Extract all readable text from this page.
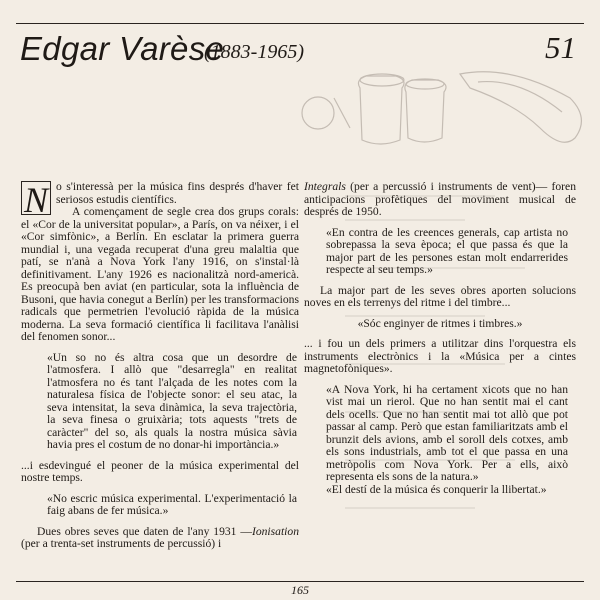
Edgar Varèse
(1883-1965)	51

N o s'interessà per la música fins després d'haver fet seriosos estudis científics.

A començament de segle crea dos grups corals: el «Cor de la universitat popular», a París, on va néixer, i el «Cor simfònic», a Berlín. En esclatar la primera guerra mundial i, una vegada recuperat d'una greu malaltia que patí, se n'anà a Nova York l'any 1916, on s'instal·là definitivament. L'any 1926 es nacionalitzà nord-americà. Es preocupà ben aviat (en particular, sota la influència de Busoni, que havia conegut a Berlín) per les transformacions radicals que permetrien l'evolució ràpida de la música moderna. La seva formació científica li facilitava l'anàlisi del fenomen sonor...

«Un so no és altra cosa que un desordre de l'atmosfera. I allò que "desarregla" en realitat l'atmosfera no és tant l'alçada de les notes com la naturalesa física de l'objecte sonor: el seu atac, la seva intensitat, la seva dinàmica, la seva trajectòria, la seva finesa o gruixària; tots aquests "trets de caràcter" del so, als quals la nostra música sàvia havia pres el costum de no donar-hi importància.»

...i esdevingué el peoner de la música experimental del nostre temps.

«No escric música experimental. L'experimentació la faig abans de fer música.»

Dues obres seves que daten de l'any 1931 —Ionisation (per a trenta-set instruments de percussió) i

Integrals (per a percussió i instruments de vent)— foren anticipacions profètiques del moviment musical de després de 1950.

«En contra de les creences generals, cap artista no sobrepassa la seva època; el que passa és que la major part de les persones estan molt endarrerides respecte al seu temps.»

La major part de les seves obres aporten solucions noves en els terrenys del ritme i del timbre...

«Sóc enginyer de ritmes i timbres.»

... i fou un dels primers a utilitzar dins l'orquestra els instruments electrònics i la «Música per a cintes magnetofòniques».

«A Nova York, hi ha certament xicots que no han vist mai un rierol. Que no han sentit mai el cant dels ocells. Que no han sentit mai tot allò que pot passar al camp. Però que estan familiaritzats amb el brunzit dels avions, amb el soroll dels cotxes, amb els sons industrials, amb tot el que passa en una metròpolis com Nova York. Per a ells, això representa els sons de la natura.»

«El destí de la música és conquerir la llibertat.»

165
